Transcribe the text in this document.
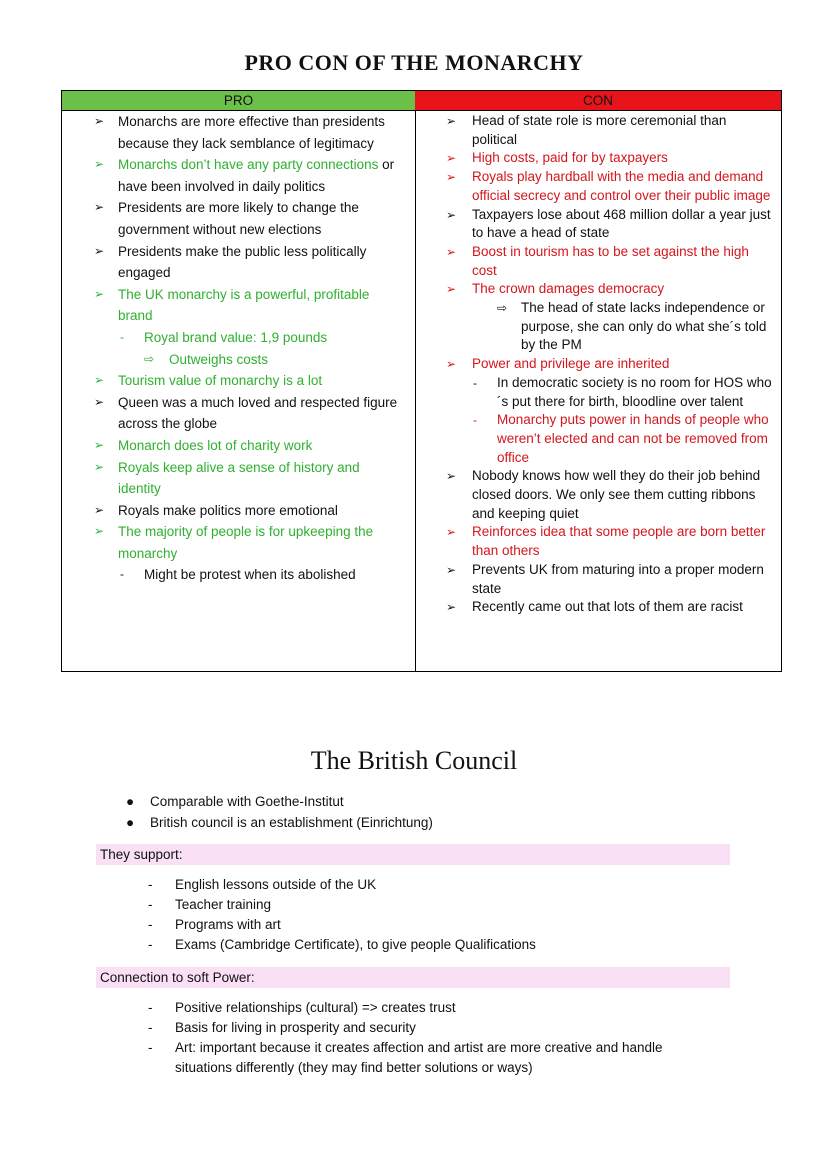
PRO CON OF THE MONARCHY
PRO
➢ Monarchs are more effective than presidents because they lack semblance of legitimacy
➢ Monarchs don’t have any party connections or have been involved in daily politics
➢ Presidents are more likely to change the government without new elections
➢ Presidents make the public less politically engaged
➢ The UK monarchy is a powerful, profitable brand
- Royal brand value: 1,9 pounds
⇨ Outweighs costs
➢ Tourism value of monarchy is a lot
➢ Queen was a much loved and respected figure across the globe
➢ Monarch does lot of charity work
➢ Royals keep alive a sense of history and identity
➢ Royals make politics more emotional
➢ The majority of people is for upkeeping the monarchy
- Might be protest when its abolished
CON
➢ Head of state role is more ceremonial than political
➢ High costs, paid for by taxpayers
➢ Royals play hardball with the media and demand official secrecy and control over their public image
➢ Taxpayers lose about 468 million dollar a year just to have a head of state
➢ Boost in tourism has to be set against the high cost
➢ The crown damages democracy
⇨ The head of state lacks independence or purpose, she can only do what she´s told by the PM
➢ Power and privilege are inherited
- In democratic society is no room for HOS who´s put there for birth, bloodline over talent
- Monarchy puts power in hands of people who weren’t elected and can not be removed from office
➢ Nobody knows how well they do their job behind closed doors. We only see them cutting ribbons and keeping quiet
➢ Reinforces idea that some people are born better than others
➢ Prevents UK from maturing into a proper modern state
➢ Recently came out that lots of them are racist
The British Council
● Comparable with Goethe-Institut
● British council is an establishment (Einrichtung)
They support:
- English lessons outside of the UK
- Teacher training
- Programs with art
- Exams (Cambridge Certificate), to give people Qualifications
Connection to soft Power:
- Positive relationships (cultural) => creates trust
- Basis for living in prosperity and security
- Art: important because it creates affection and artist are more creative and handle situations differently (they may find better solutions or ways)
